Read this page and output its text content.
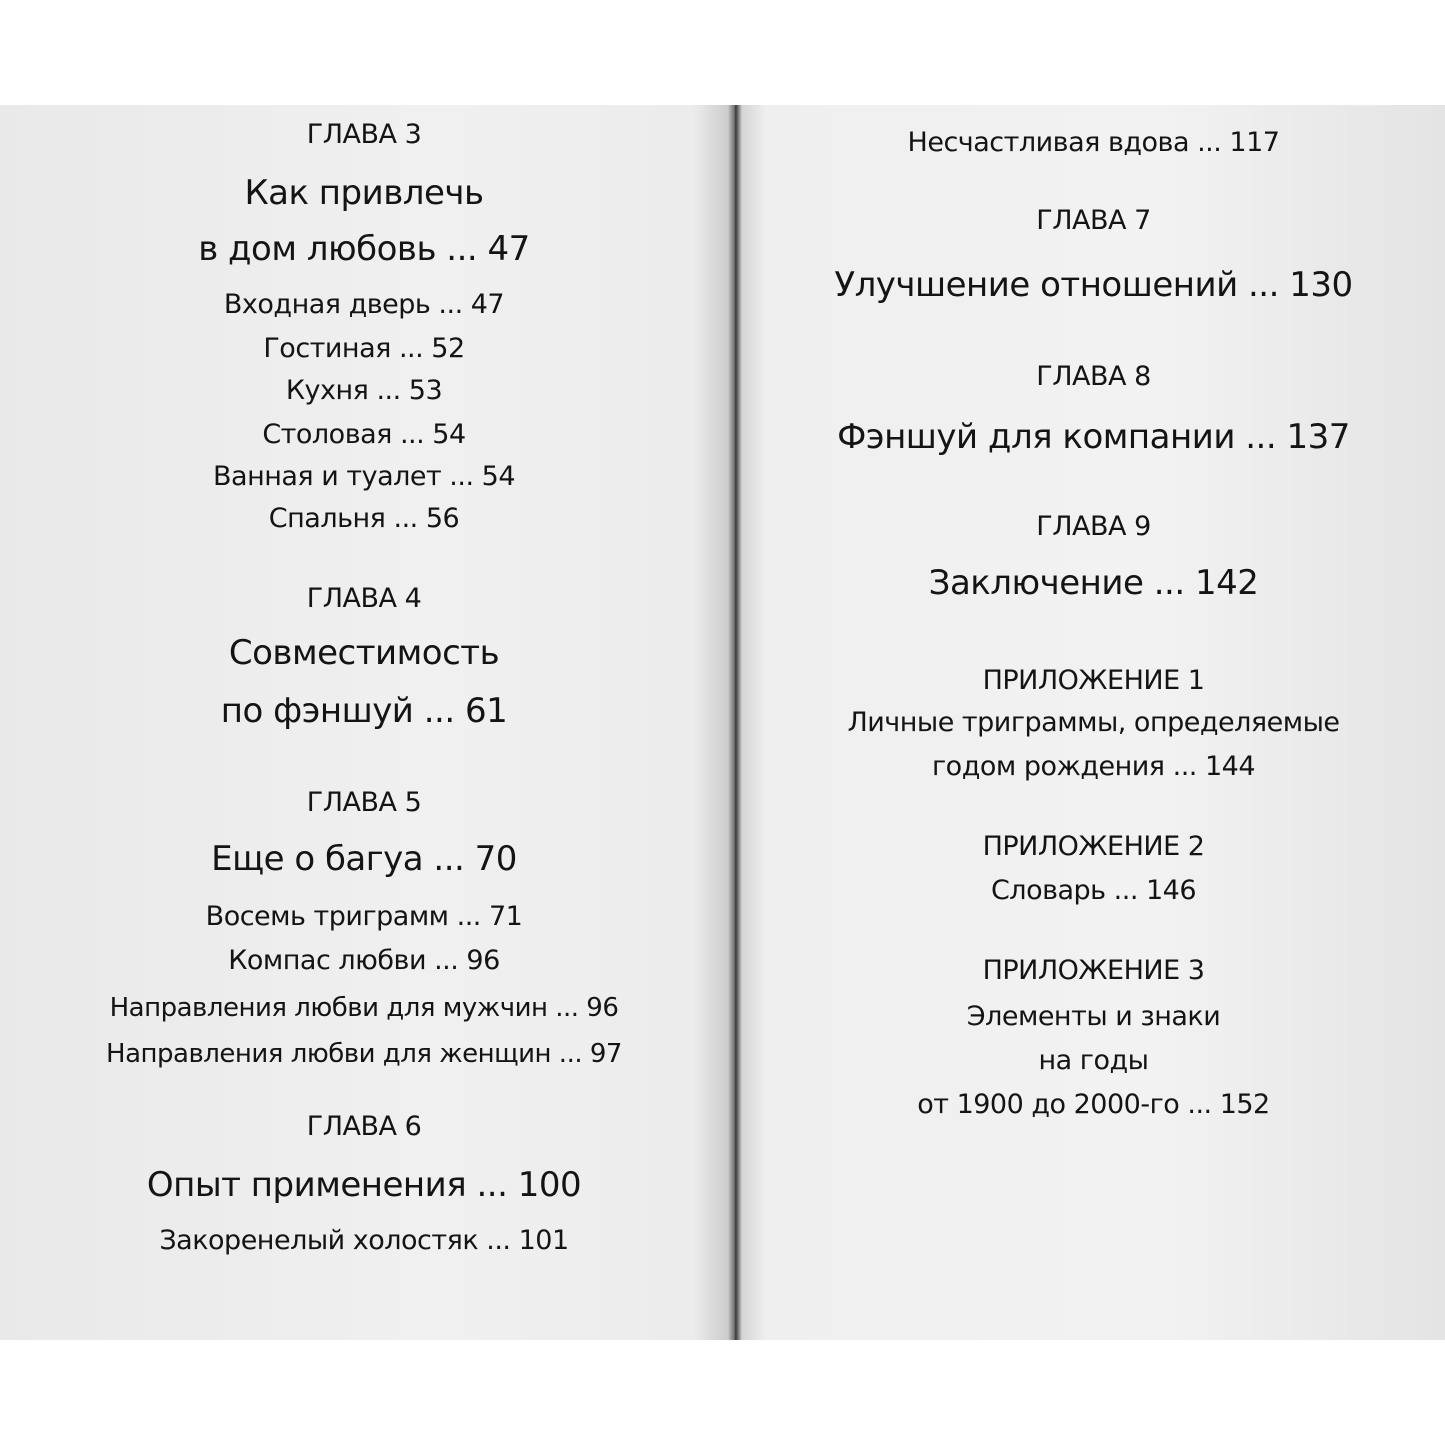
ГЛАВА 3
Как привлечь
в дом любовь ... 47
Входная дверь ... 47
Гостиная ... 52
Кухня ... 53
Столовая ... 54
Ванная и туалет ... 54
Спальня ... 56
ГЛАВА 4
Совместимость
по фэншуй ... 61
ГЛАВА 5
Еще о багуа ... 70
Восемь триграмм ... 71
Компас любви ... 96
Направления любви для мужчин ... 96
Направления любви для женщин ... 97
ГЛАВА 6
Опыт применения ... 100
Закоренелый холостяк ... 101
Несчастливая вдова ... 117
ГЛАВА 7
Улучшение отношений ... 130
ГЛАВА 8
Фэншуй для компании ... 137
ГЛАВА 9
Заключение ... 142
ПРИЛОЖЕНИЕ 1
Личные триграммы, определяемые
годом рождения ... 144
ПРИЛОЖЕНИЕ 2
Словарь ... 146
ПРИЛОЖЕНИЕ 3
Элементы и знаки
на годы
от 1900 до 2000-го ... 152
